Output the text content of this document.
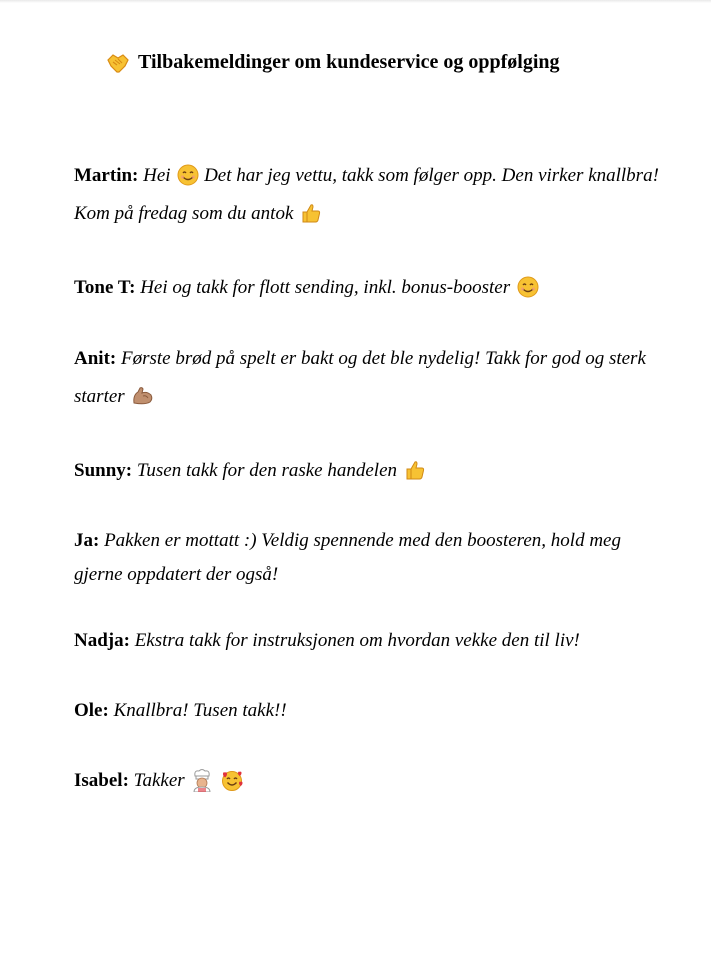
Tilbakemeldinger om kundeservice og oppfølging
Martin: Hei Det har jeg vettu, takk som følger opp. Den virker knallbra! Kom på fredag som du antok
Tone T: Hei og takk for flott sending, inkl. bonus-booster
Anit: Første brød på spelt er bakt og det ble nydelig! Takk for god og sterk starter
Sunny: Tusen takk for den raske handelen
Ja: Pakken er mottatt :) Veldig spennende med den boosteren, hold meg gjerne oppdatert der også!
Nadja: Ekstra takk for instruksjonen om hvordan vekke den til liv!
Ole: Knallbra! Tusen takk!!
Isabel: Takker
